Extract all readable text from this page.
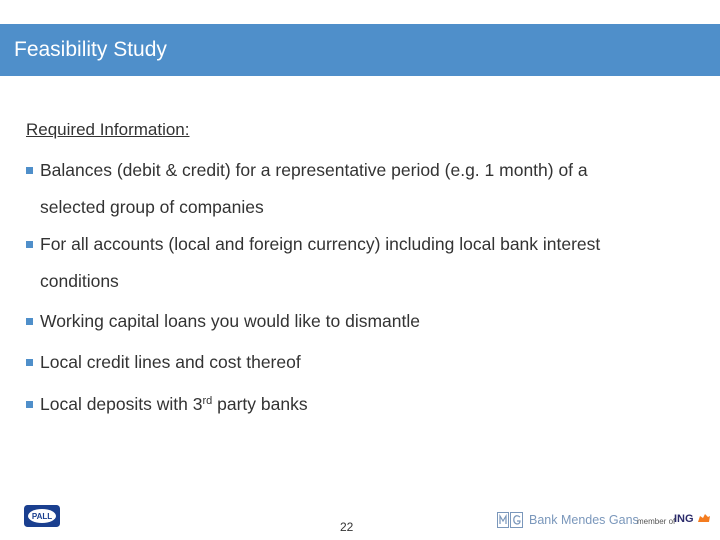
Feasibility Study
Required Information:
Balances (debit & credit) for a representative period (e.g. 1 month) of a
selected group of companies
For all accounts (local and foreign currency) including local bank interest
conditions
Working capital loans you would like to dismantle
Local credit lines and cost thereof
Local deposits with 3rd party banks
PALL
22	Bank Mendes Gans
member of
ING
